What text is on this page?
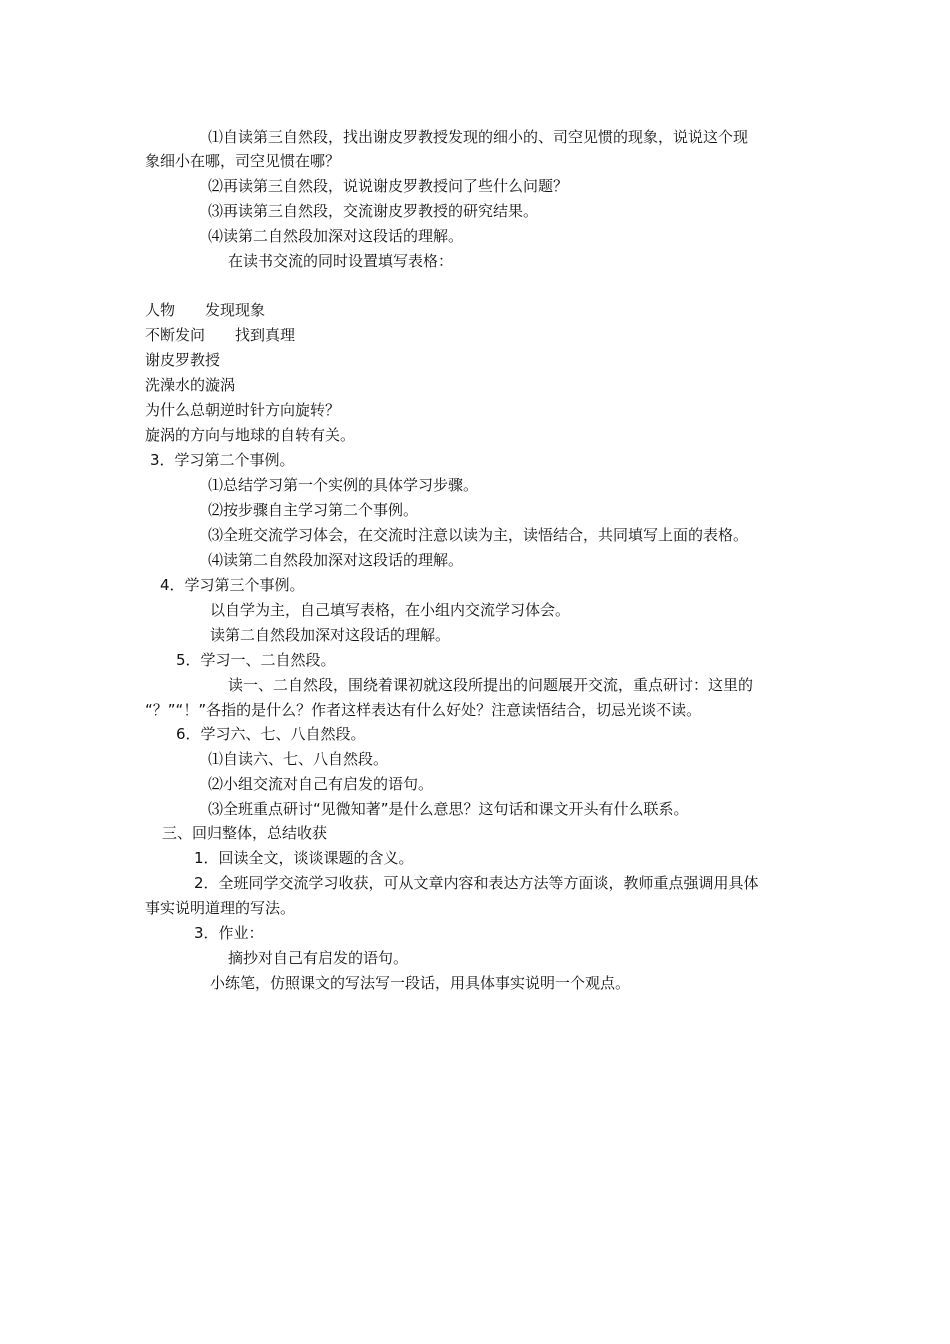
⑴自读第三自然段，找出谢皮罗教授发现的细小的、司空见惯的现象，说说这个现
象细小在哪，司空见惯在哪？
⑵再读第三自然段，说说谢皮罗教授问了些什么问题？
⑶再读第三自然段，交流谢皮罗教授的研究结果。
⑷读第二自然段加深对这段话的理解。
在读书交流的同时设置填写表格：
人物　　发现现象
不断发问　　找到真理
谢皮罗教授
洗澡水的漩涡
为什么总朝逆时针方向旋转？
旋涡的方向与地球的自转有关。
3．学习第二个事例。
⑴总结学习第一个实例的具体学习步骤。
⑵按步骤自主学习第二个事例。
⑶全班交流学习体会，在交流时注意以读为主，读悟结合，共同填写上面的表格。
⑷读第二自然段加深对这段话的理解。
4．学习第三个事例。
以自学为主，自己填写表格，在小组内交流学习体会。
读第二自然段加深对这段话的理解。
5．学习一、二自然段。
读一、二自然段，围绕着课初就这段所提出的问题展开交流，重点研讨：这里的
“？”“！”各指的是什么？作者这样表达有什么好处？注意读悟结合，切忌光谈不读。
6．学习六、七、八自然段。
⑴自读六、七、八自然段。
⑵小组交流对自己有启发的语句。
⑶全班重点研讨“见微知著”是什么意思？这句话和课文开头有什么联系。
三、回归整体，总结收获
1．回读全文，谈谈课题的含义。
2．全班同学交流学习收获，可从文章内容和表达方法等方面谈，教师重点强调用具体
事实说明道理的写法。
3．作业：
摘抄对自己有启发的语句。
小练笔，仿照课文的写法写一段话，用具体事实说明一个观点。
